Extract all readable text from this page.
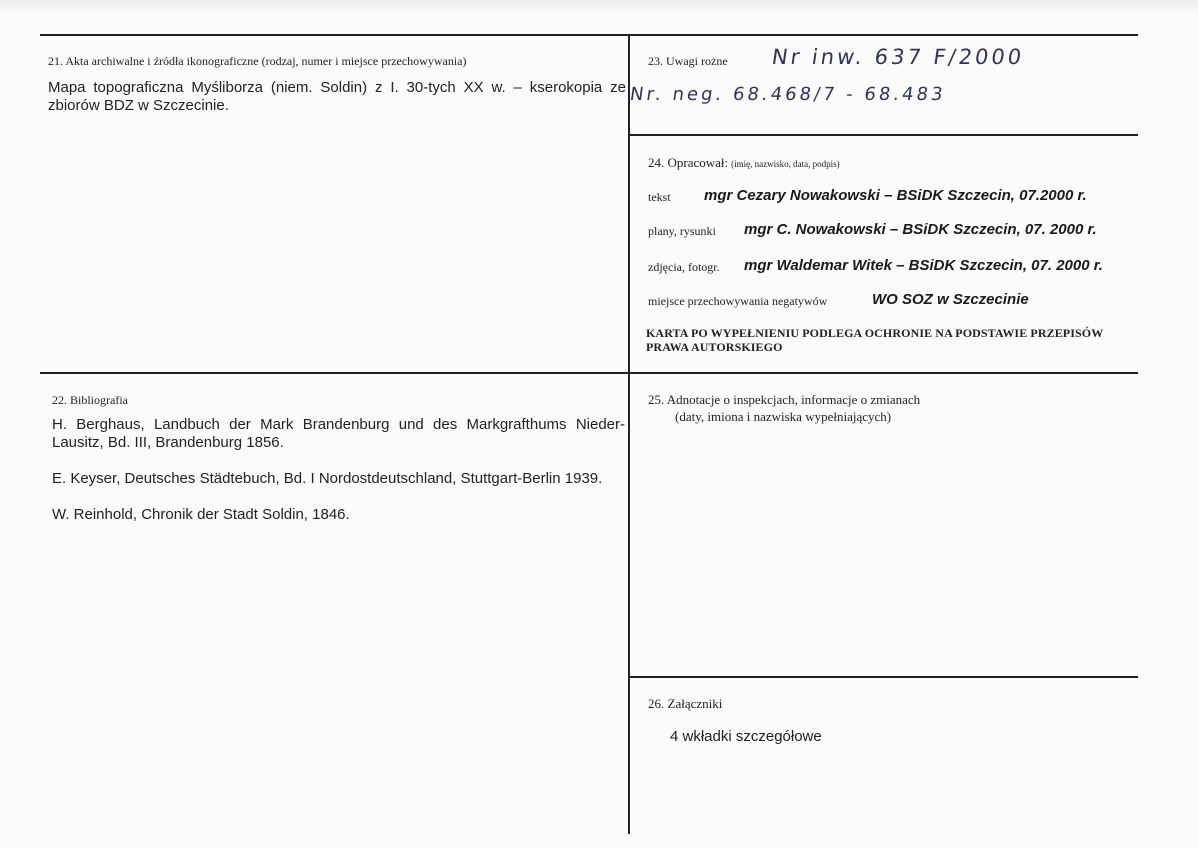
21. Akta archiwalne i źródła ikonograficzne (rodzaj, numer i miejsce przechowywania)
Mapa topograficzna Myśliborza (niem. Soldin) z I. 30-tych XX w. – kserokopia ze zbiorów BDZ w Szczecinie.
23. Uwagi rożne Nr inw. 637 F/2000
Nr. neg. 68.468/7 - 68.483
24. Opracował: (imię, nazwisko, data, podpis)
tekst mgr Cezary Nowakowski – BSiDK Szczecin, 07.2000 r.
plany, rysunki mgr C. Nowakowski – BSiDK Szczecin, 07. 2000 r.
zdjęcia, fotogr. mgr Waldemar Witek – BSiDK Szczecin, 07. 2000 r.
miejsce przechowywania negatywów	WO SOZ w Szczecinie
KARTA PO WYPEŁNIENIU PODLEGA OCHRONIE NA PODSTAWIE PRZEPISÓW PRAWA AUTORSKIEGO
22. Bibliografia

H. Berghaus, Landbuch der Mark Brandenburg und des Markgrafthums Nieder-Lausitz, Bd. III, Brandenburg 1856.

E. Keyser, Deutsches Städtebuch, Bd. I Nordostdeutschland, Stuttgart-Berlin 1939.

W. Reinhold, Chronik der Stadt Soldin, 1846.

25. Adnotacje o inspekcjach, informacje o zmianach
(daty, imiona i nazwiska wypełniających)
26. Załączniki
4 wkładki szczegółowe
